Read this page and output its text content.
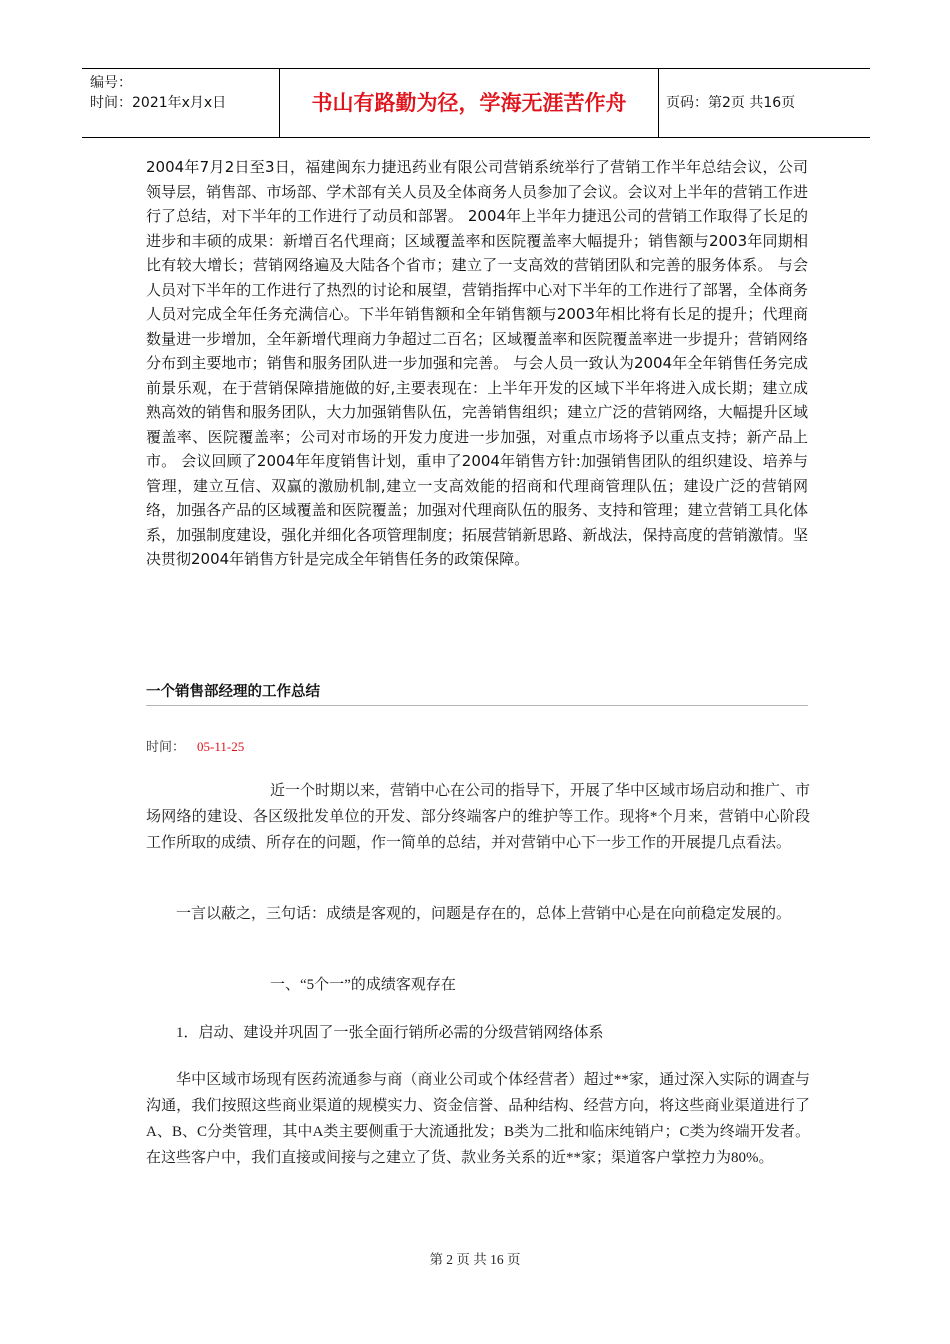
编号：
时间：2021年x月x日	书山有路勤为径，学海无涯苦作舟	页码：第2页 共16页
2004年7月2日至3日，福建闽东力捷迅药业有限公司营销系统举行了营销工作半年总结会议，公司领导层，销售部、市场部、学术部有关人员及全体商务人员参加了会议。会议对上半年的营销工作进行了总结，对下半年的工作进行了动员和部署。 2004年上半年力捷迅公司的营销工作取得了长足的进步和丰硕的成果：新增百名代理商；区域覆盖率和医院覆盖率大幅提升；销售额与2003年同期相比有较大增长；营销网络遍及大陆各个省市；建立了一支高效的营销团队和完善的服务体系。 与会人员对下半年的工作进行了热烈的讨论和展望，营销指挥中心对下半年的工作进行了部署，全体商务人员对完成全年任务充满信心。下半年销售额和全年销售额与2003年相比将有长足的提升；代理商数量进一步增加，全年新增代理商力争超过二百名；区域覆盖率和医院覆盖率进一步提升；营销网络分布到主要地市；销售和服务团队进一步加强和完善。 与会人员一致认为2004年全年销售任务完成前景乐观，在于营销保障措施做的好,主要表现在：上半年开发的区域下半年将进入成长期；建立成熟高效的销售和服务团队，大力加强销售队伍，完善销售组织；建立广泛的营销网络，大幅提升区域覆盖率、医院覆盖率；公司对市场的开发力度进一步加强，对重点市场将予以重点支持；新产品上市。 会议回顾了2004年年度销售计划，重申了2004年销售方针:加强销售团队的组织建设、培养与管理，建立互信、双赢的激励机制,建立一支高效能的招商和代理商管理队伍；建设广泛的营销网络，加强各产品的区域覆盖和医院覆盖；加强对代理商队伍的服务、支持和管理；建立营销工具化体系，加强制度建设，强化并细化各项管理制度；拓展营销新思路、新战法，保持高度的营销激情。坚决贯彻2004年销售方针是完成全年销售任务的政策保障。
一个销售部经理的工作总结
时间： 05-11-25
近一个时期以来，营销中心在公司的指导下，开展了华中区域市场启动和推广、市场网络的建设、各区级批发单位的开发、部分终端客户的维护等工作。现将*个月来，营销中心阶段工作所取的成绩、所存在的问题，作一简单的总结，并对营销中心下一步工作的开展提几点看法。
一言以蔽之，三句话：成绩是客观的，问题是存在的，总体上营销中心是在向前稳定发展的。
一、“5个一”的成绩客观存在
1．启动、建设并巩固了一张全面行销所必需的分级营销网络体系
华中区域市场现有医药流通参与商（商业公司或个体经营者）超过**家，通过深入实际的调查与沟通，我们按照这些商业渠道的规模实力、资金信誉、品种结构、经营方向，将这些商业渠道进行了A、B、C分类管理，其中A类主要侧重于大流通批发；B类为二批和临床纯销户；C类为终端开发者。在这些客户中，我们直接或间接与之建立了货、款业务关系的近**家；渠道客户掌控力为80%。
第 2 页 共 16 页
